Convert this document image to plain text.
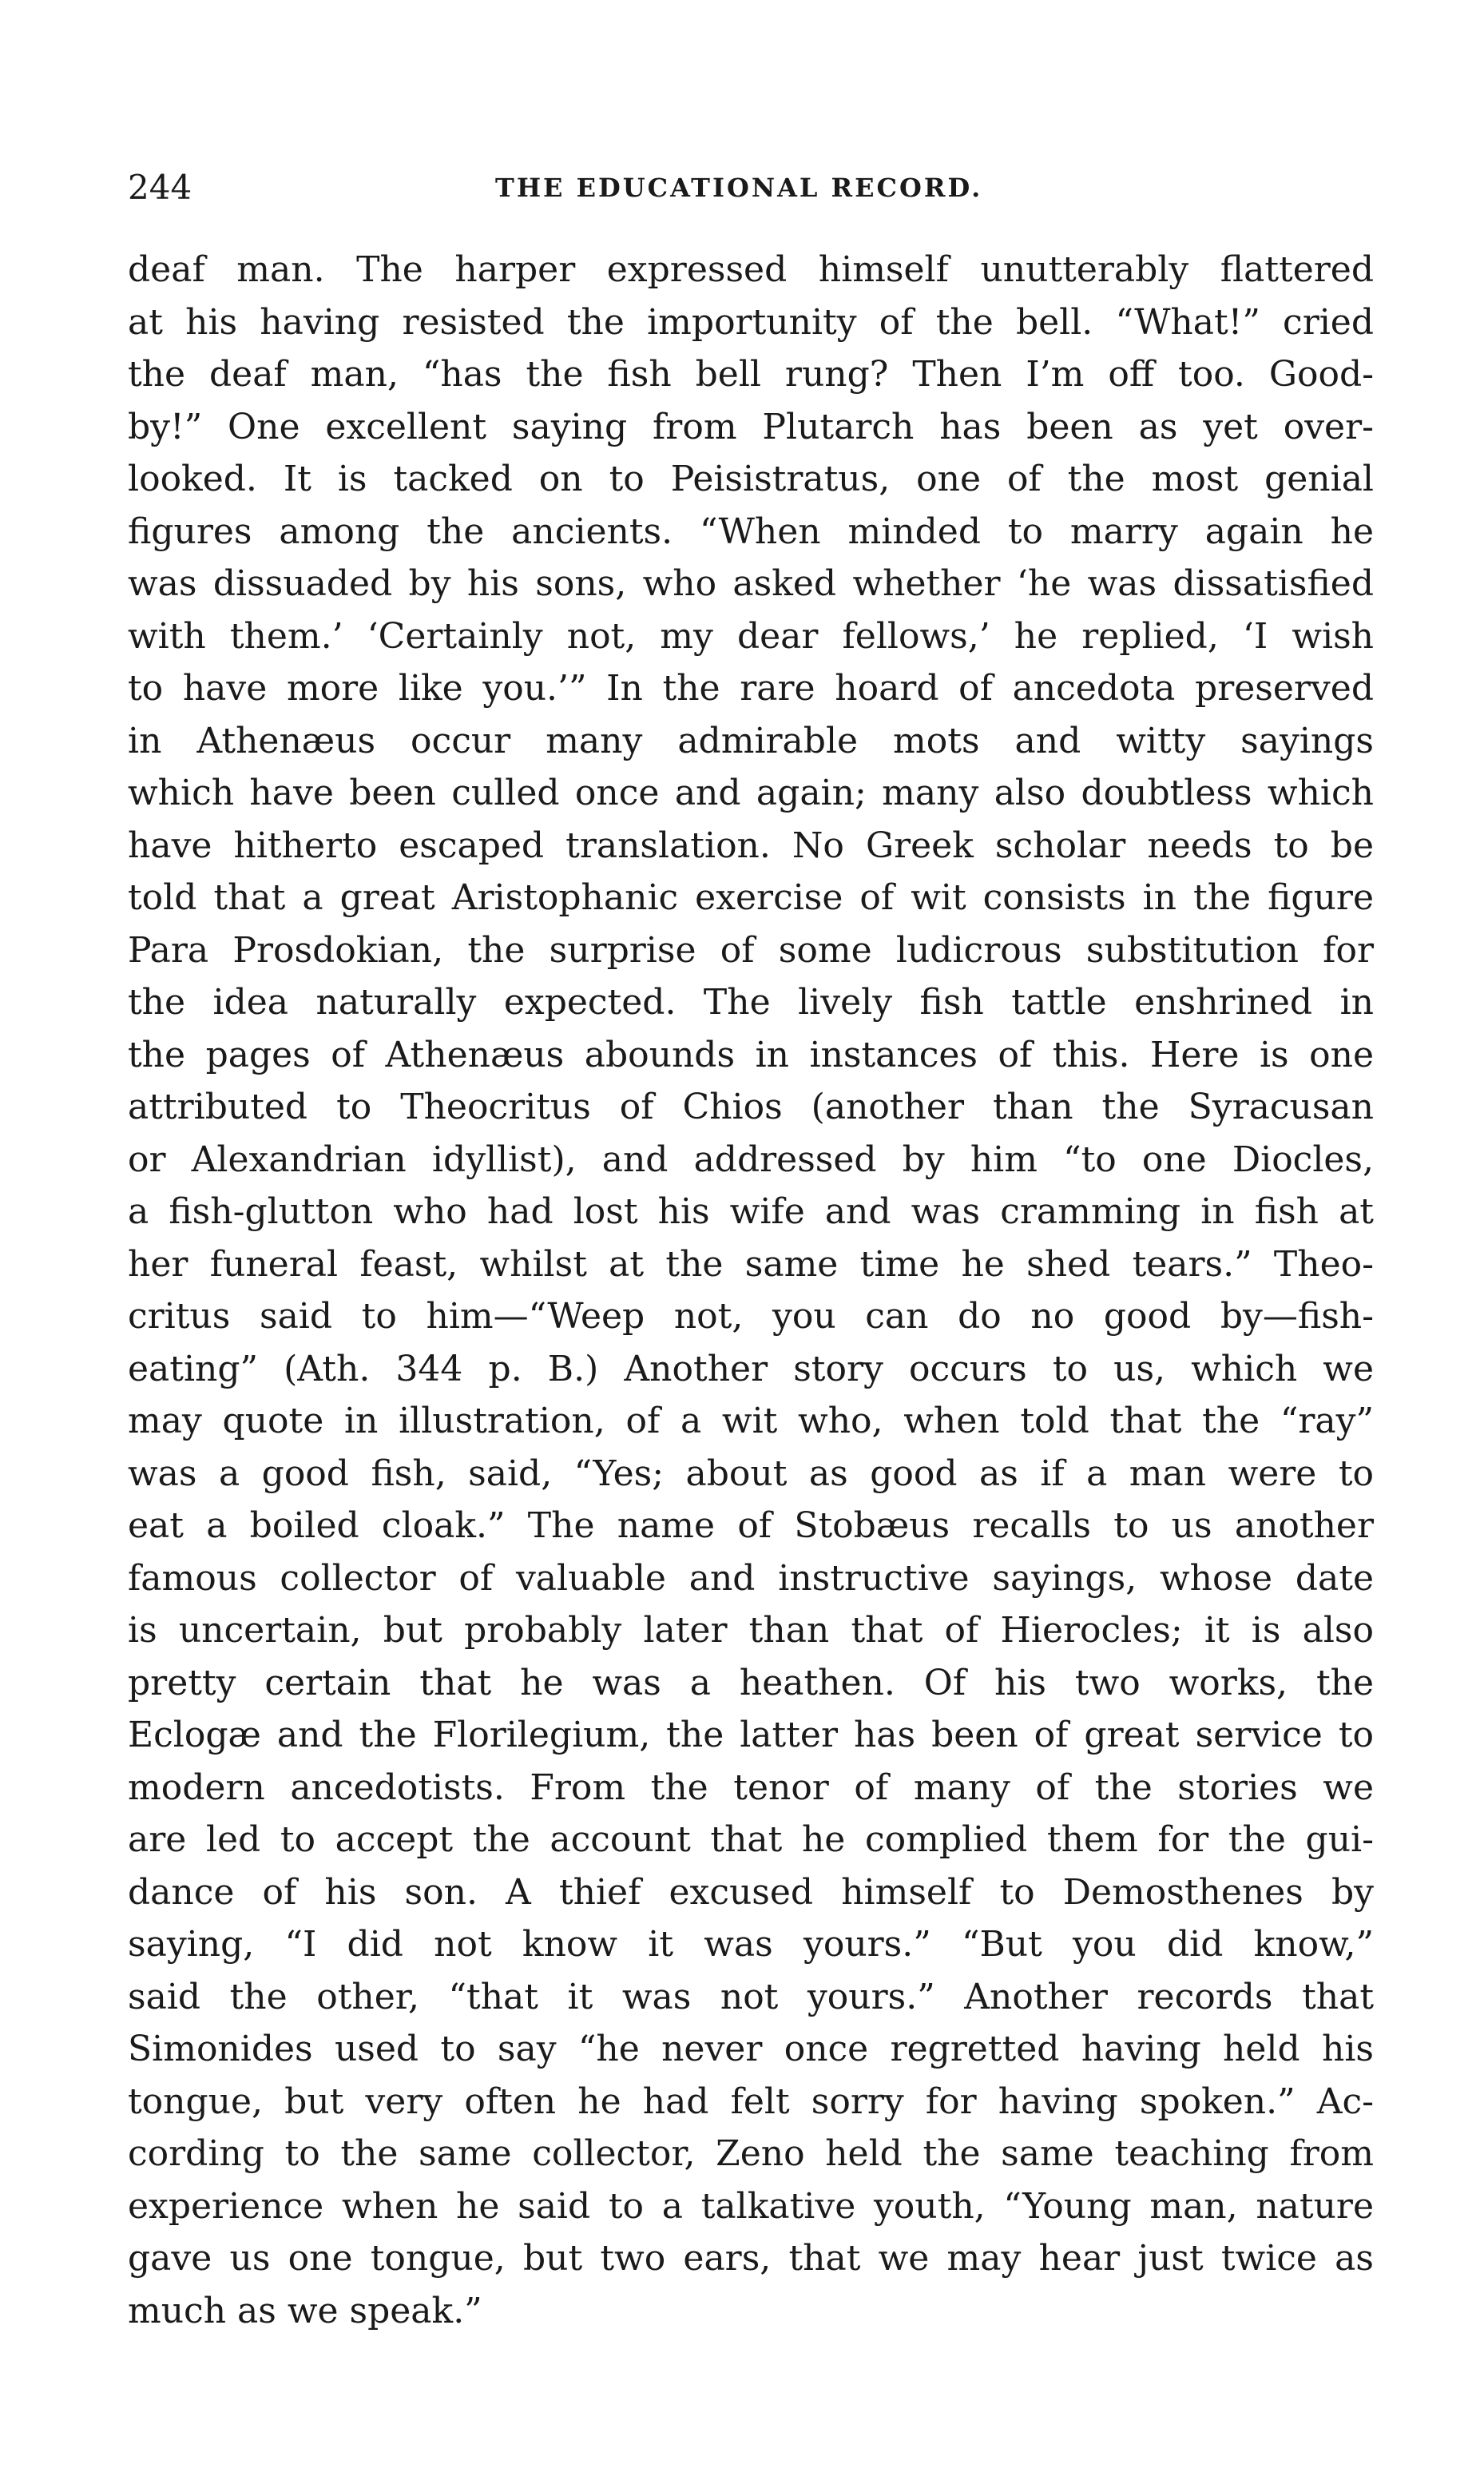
244	THE EDUCATIONAL RECORD.
deaf man. The harper expressed himself unutterably flattered
at his having resisted the importunity of the bell. “What!” cried
the deaf man, “has the fish bell rung? Then I’m off too. Good-
by!” One excellent saying from Plutarch has been as yet over-
looked. It is tacked on to Peisistratus, one of the most genial
figures among the ancients. “When minded to marry again he
was dissuaded by his sons, who asked whether ‘he was dissatisfied
with them.’ ‘Certainly not, my dear fellows,’ he replied, ‘I wish
to have more like you.’” In the rare hoard of ancedota preserved
in Athenæus occur many admirable mots and witty sayings
which have been culled once and again; many also doubtless which
have hitherto escaped translation. No Greek scholar needs to be
told that a great Aristophanic exercise of wit consists in the figure
Para Prosdokian, the surprise of some ludicrous substitution for
the idea naturally expected. The lively fish tattle enshrined in
the pages of Athenæus abounds in instances of this. Here is one
attributed to Theocritus of Chios (another than the Syracusan
or Alexandrian idyllist), and addressed by him “to one Diocles,
a fish-glutton who had lost his wife and was cramming in fish at
her funeral feast, whilst at the same time he shed tears.” Theo-
critus said to him—“Weep not, you can do no good by—fish-
eating” (Ath. 344 p. B.) Another story occurs to us, which we
may quote in illustration, of a wit who, when told that the “ray”
was a good fish, said, “Yes; about as good as if a man were to
eat a boiled cloak.” The name of Stobæus recalls to us another
famous collector of valuable and instructive sayings, whose date
is uncertain, but probably later than that of Hierocles; it is also
pretty certain that he was a heathen. Of his two works, the
Eclogæ and the Florilegium, the latter has been of great service to
modern ancedotists. From the tenor of many of the stories we
are led to accept the account that he complied them for the gui-
dance of his son. A thief excused himself to Demosthenes by
saying, “I did not know it was yours.” “But you did know,”
said the other, “that it was not yours.” Another records that
Simonides used to say “he never once regretted having held his
tongue, but very often he had felt sorry for having spoken.” Ac-
cording to the same collector, Zeno held the same teaching from
experience when he said to a talkative youth, “Young man, nature
gave us one tongue, but two ears, that we may hear just twice as
much as we speak.”
